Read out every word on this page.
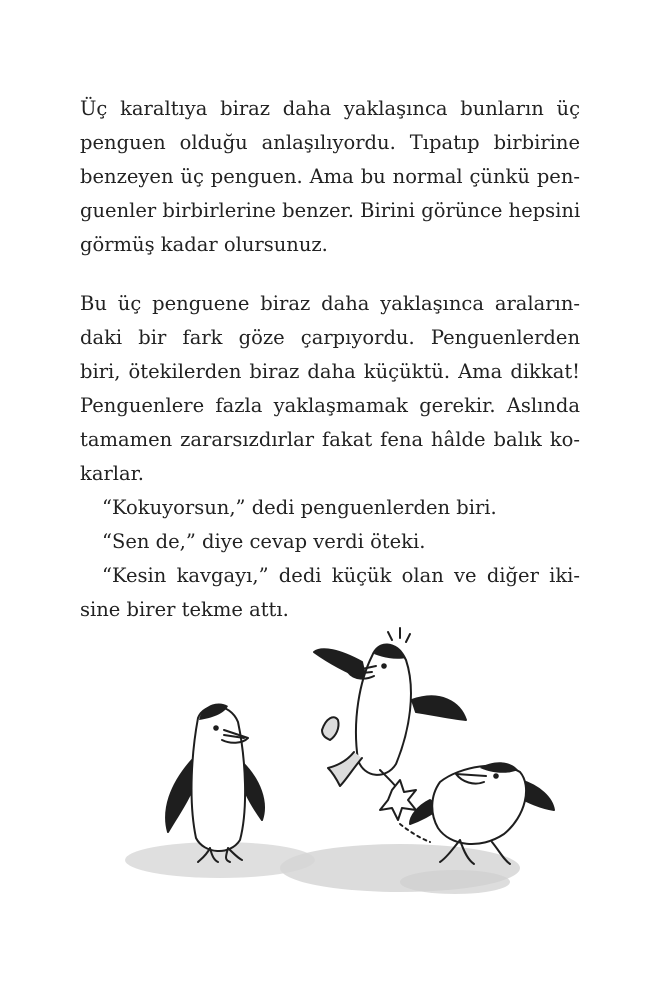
Üç karaltıya biraz daha yaklaşınca bunların üç
penguen olduğu anlaşılıyordu. Tıpatıp birbirine
benzeyen üç penguen. Ama bu normal çünkü pen-
guenler birbirlerine benzer. Birini görünce hepsini
görmüş kadar olursunuz.
Bu üç penguene biraz daha yaklaşınca araların-
daki bir fark göze çarpıyordu. Penguenlerden
biri, ötekilerden biraz daha küçüktü. Ama dikkat!
Penguenlere fazla yaklaşmamak gerekir. Aslında
tamamen zararsızdırlar fakat fena hâlde balık ko-
karlar.
“Kokuyorsun,” dedi penguenlerden biri.
“Sen de,” diye cevap verdi öteki.
“Kesin kavgayı,” dedi küçük olan ve diğer iki-
sine birer tekme attı.
